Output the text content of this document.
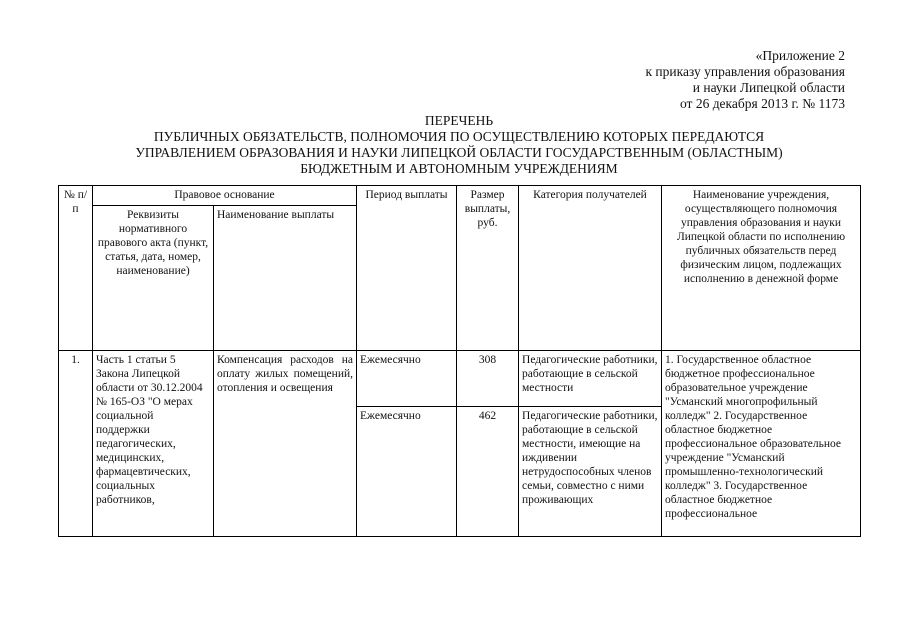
«Приложение 2
к приказу управления образования
и науки Липецкой области
от 26 декабря 2013 г. № 1173
ПЕРЕЧЕНЬ
ПУБЛИЧНЫХ ОБЯЗАТЕЛЬСТВ, ПОЛНОМОЧИЯ ПО ОСУЩЕСТВЛЕНИЮ КОТОРЫХ ПЕРЕДАЮТСЯ
УПРАВЛЕНИЕМ ОБРАЗОВАНИЯ И НАУКИ ЛИПЕЦКОЙ ОБЛАСТИ ГОСУДАРСТВЕННЫМ (ОБЛАСТНЫМ)
БЮДЖЕТНЫМ И АВТОНОМНЫМ УЧРЕЖДЕНИЯМ
№ п/п	Правовое основание		Период выплаты	Размер выплаты, руб.	Категория получателей	Наименование учреждения, осуществляющего полномочия управления образования и науки Липецкой области по исполнению публичных обязательств перед физическим лицом, подлежащих исполнению в денежной форме
	Реквизиты нормативного правового акта (пункт, статья, дата, номер, наименование)	Наименование выплаты				
1.	Часть 1 статьи 5 Закона Липецкой области от 30.12.2004 № 165-ОЗ "О мерах социальной поддержки педагогических, медицинских, фармацевтических, социальных работников,	Компенсация расходов на оплату жилых помещений, отопления и освещения	Ежемесячно	308	Педагогические работники, работающие в сельской местности	1. Государственное областное бюджетное профессиональное образовательное учреждение "Усманский многопрофильный колледж" 2. Государственное областное бюджетное профессиональное образовательное учреждение "Усманский промышленно-технологический колледж" 3. Государственное областное бюджетное профессиональное
			Ежемесячно	462	Педагогические работники, работающие в сельской местности, имеющие на иждивении нетрудоспособных членов семьи, совместно с ними проживающих	
